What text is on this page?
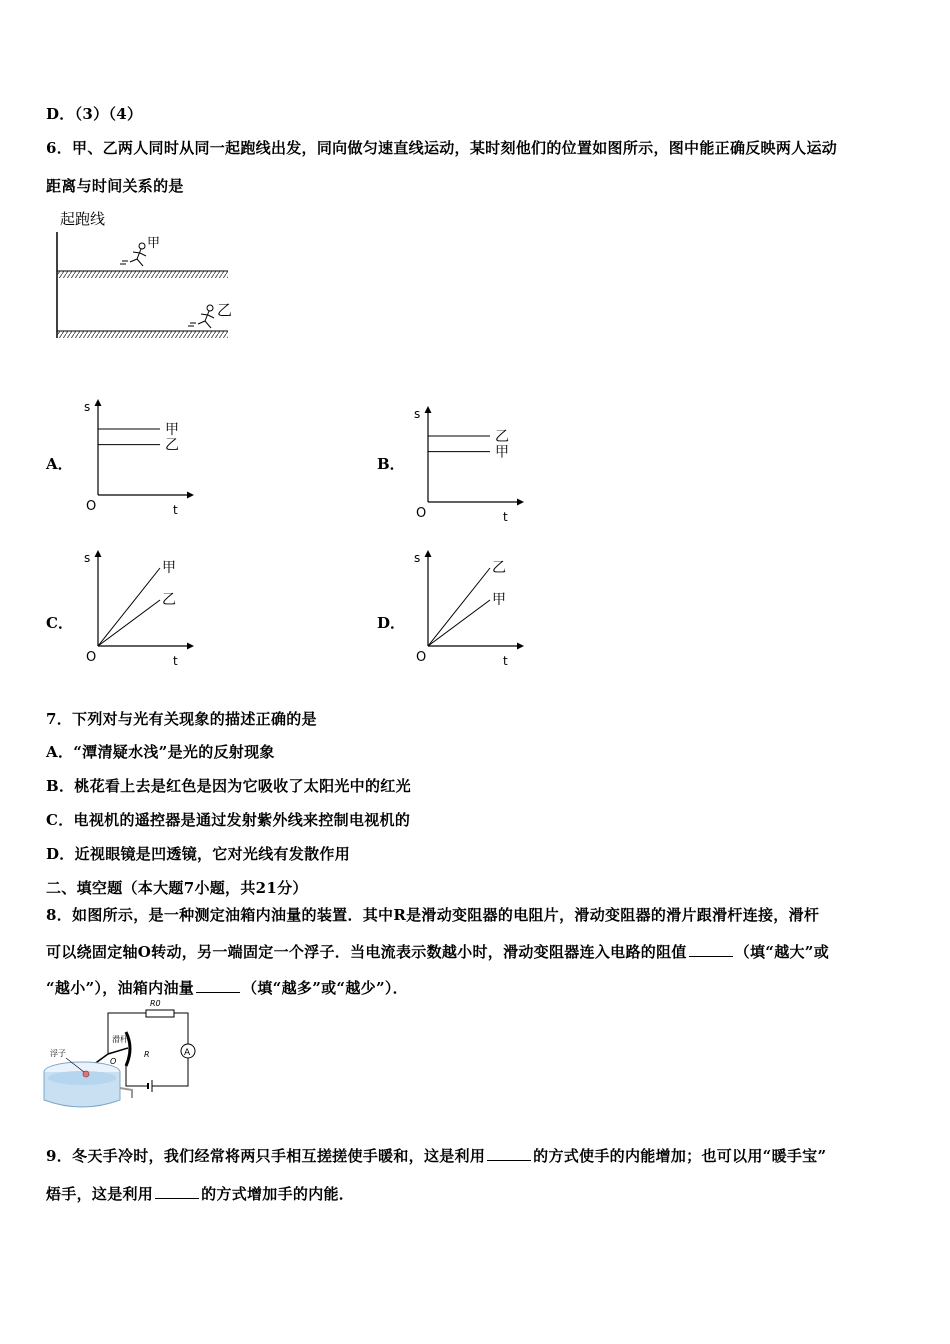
D．（3）（4）
6．甲、乙两人同时从同一起跑线出发，同向做匀速直线运动，某时刻他们的位置如图所示，图中能正确反映两人运动
距离与时间关系的是
起跑线
甲
乙
A．	B．
C．	D．
s
t
O
甲
乙
s
t
O
乙
甲
s
t
O
甲
乙
s
t
O
乙
甲
7．下列对与光有关现象的描述正确的是
A．“潭清疑水浅”是光的反射现象
B．桃花看上去是红色是因为它吸收了太阳光中的红光
C．电视机的遥控器是通过发射紫外线来控制电视机的
D．近视眼镜是凹透镜，它对光线有发散作用
二、填空题（本大题7小题，共21分）
8．如图所示，是一种测定油箱内油量的装置．其中R是滑动变阻器的电阻片，滑动变阻器的滑片跟滑杆连接，滑杆
可以绕固定轴O转动，另一端固定一个浮子．当电流表示数越小时，滑动变阻器连入电路的阻值	（填“越大”或
“越小”），油箱内油量	（填“越多”或“越少”）．
A
R0
R
滑杆
O
浮子
9．冬天手冷时，我们经常将两只手相互搓搓使手暖和，这是利用	的方式使手的内能增加；也可以用“暖手宝”
焐手，这是利用	的方式增加手的内能．
